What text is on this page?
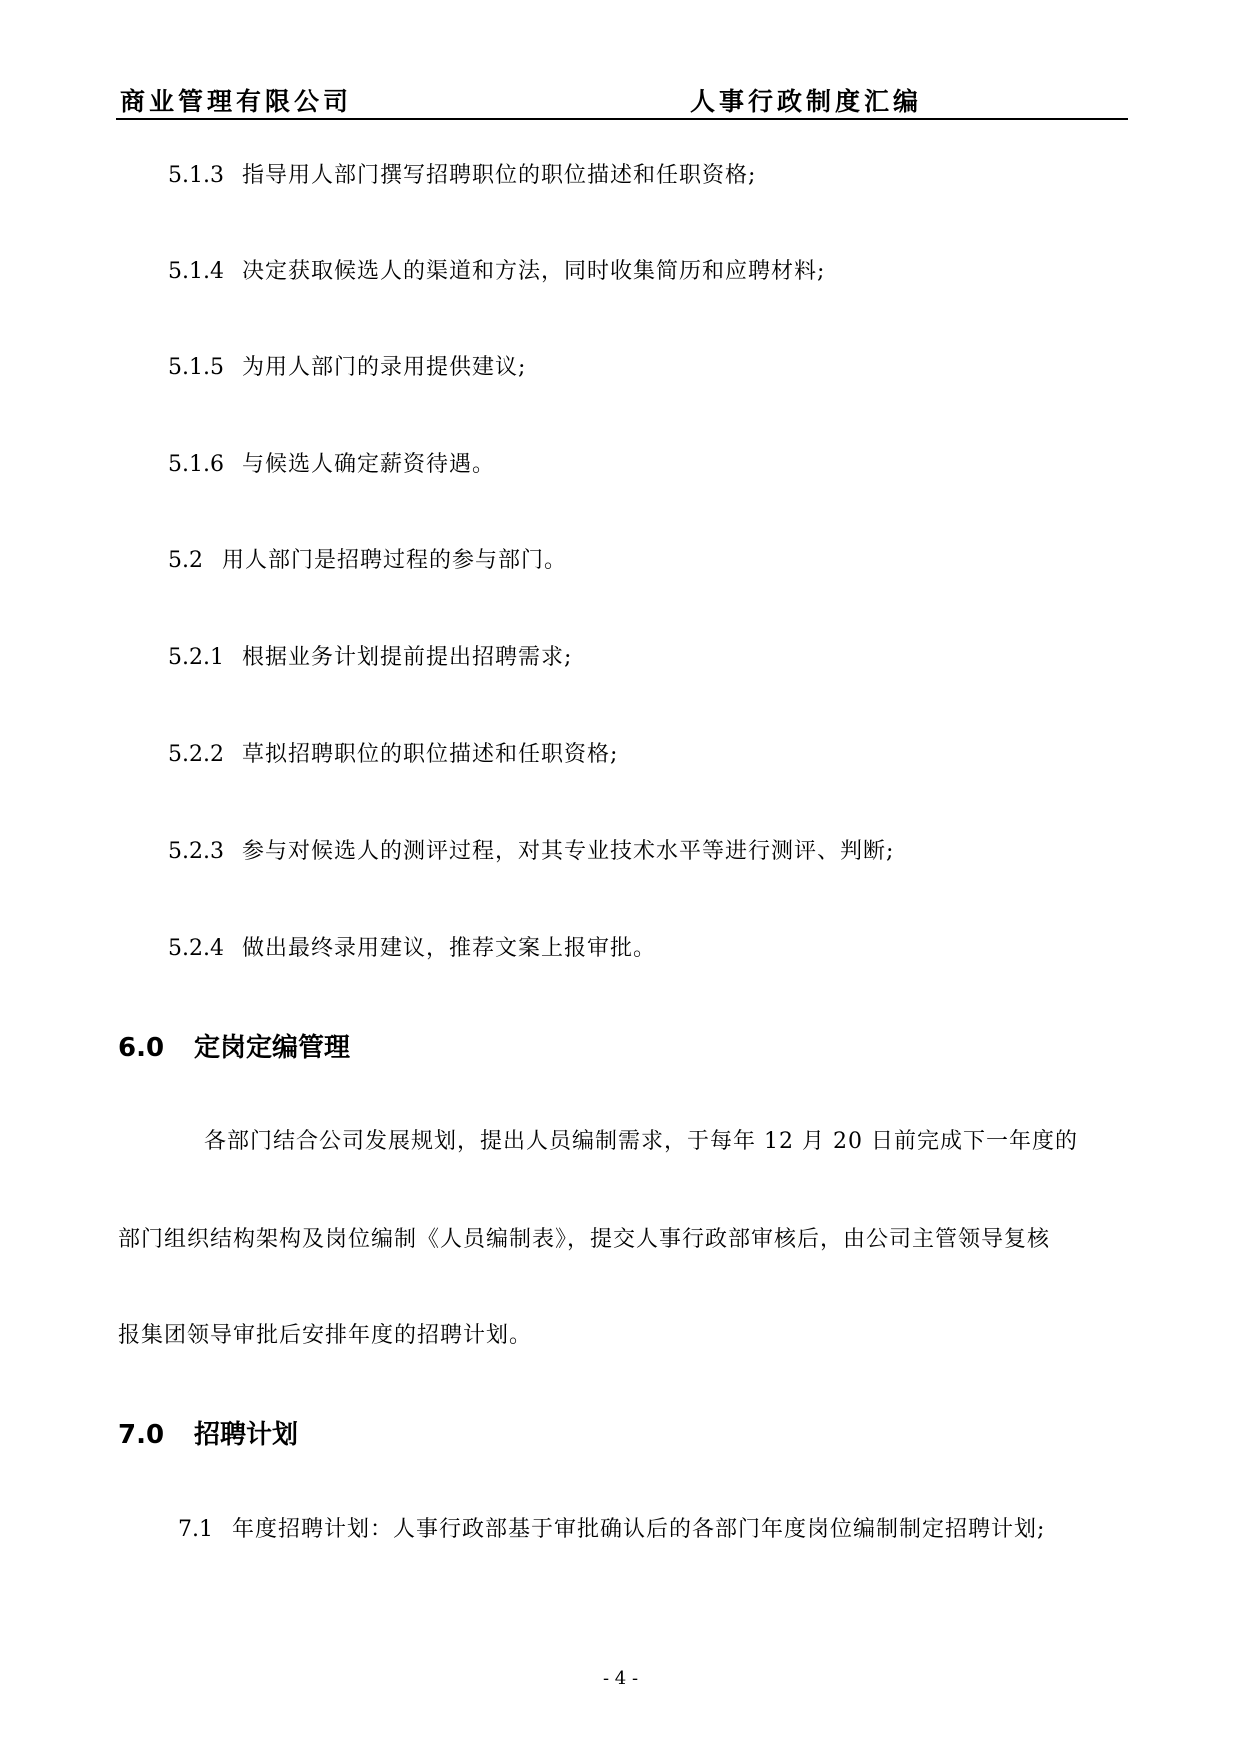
商业管理有限公司	人事行政制度汇编
5.1.3 指导用人部门撰写招聘职位的职位描述和任职资格;
5.1.4 决定获取候选人的渠道和方法，同时收集简历和应聘材料;
5.1.5 为用人部门的录用提供建议;
5.1.6 与候选人确定薪资待遇。
5.2 用人部门是招聘过程的参与部门。
5.2.1 根据业务计划提前提出招聘需求;
5.2.2 草拟招聘职位的职位描述和任职资格;
5.2.3 参与对候选人的测评过程，对其专业技术水平等进行测评、判断;
5.2.4 做出最终录用建议，推荐文案上报审批。
6.0 定岗定编管理
各部门结合公司发展规划，提出人员编制需求，于每年 12 月 20 日前完成下一年度的
部门组织结构架构及岗位编制《人员编制表》，提交人事行政部审核后，由公司主管领导复核
报集团领导审批后安排年度的招聘计划。
7.0 招聘计划
7.1 年度招聘计划：人事行政部基于审批确认后的各部门年度岗位编制制定招聘计划;
- 4 -
